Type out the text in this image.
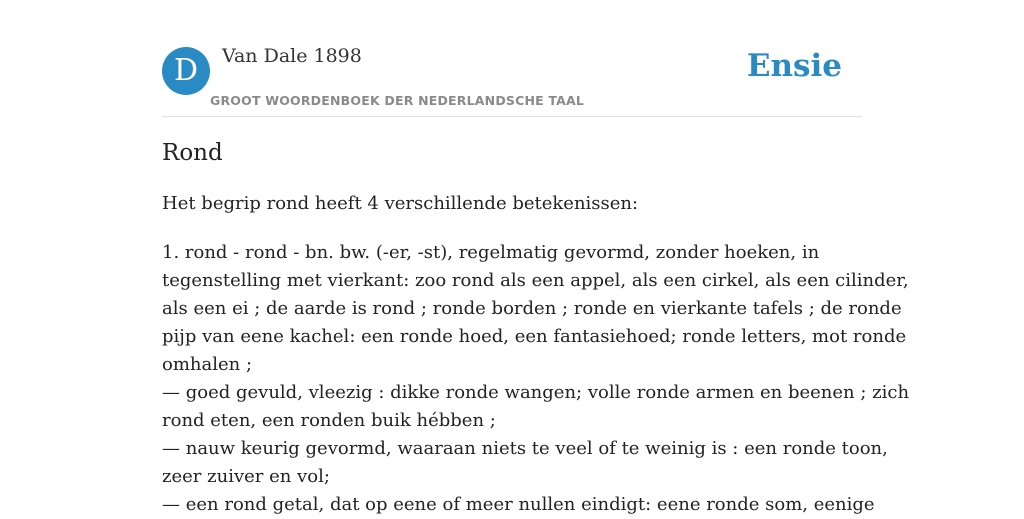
D	Van Dale 1898
GROOT WOORDENBOEK DER NEDERLANDSCHE TAAL
Ensie
Rond

Het begrip rond heeft 4 verschillende betekenissen:

1. rond - rond - bn. bw. (-er, -st), regelmatig gevormd, zonder hoeken, in
tegenstelling met vierkant: zoo rond als een appel, als een cirkel, als een cilinder,
als een ei ; de aarde is rond ; ronde borden ; ronde en vierkante tafels ; de ronde
pijp van eene kachel: een ronde hoed, een fantasiehoed; ronde letters, mot ronde
omhalen ;
— goed gevuld, vleezig : dikke ronde wangen; volle ronde armen en beenen ; zich
rond eten, een ronden buik hébben ;
— nauw keurig gevormd, waaraan niets te veel of te weinig is : een ronde toon,
zeer zuiver en vol;
— een rond getal, dat op eene of meer nullen eindigt: eene ronde som, eenige
